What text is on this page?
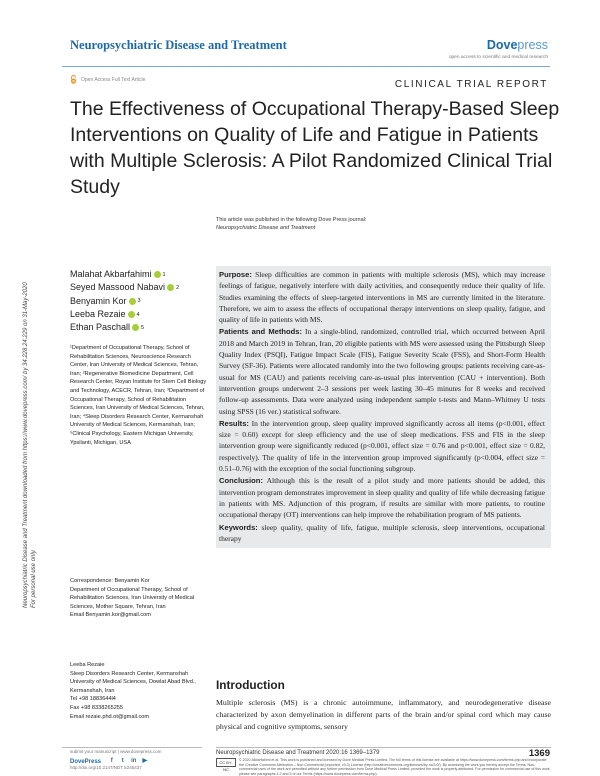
Neuropsychiatric Disease and Treatment	Dovepress
open access to scientific and medical research
Open Access Full Text Article	CLINICAL TRIAL REPORT
The Effectiveness of Occupational Therapy-Based Sleep Interventions on Quality of Life and Fatigue in Patients with Multiple Sclerosis: A Pilot Randomized Clinical Trial Study
This article was published in the following Dove Press journal:
Neuropsychiatric Disease and Treatment
Neuropsychiatric Disease and Treatment downloaded from https://www.dovepress.com/ by 34.228.24.229 on 31-May-2020 For personal use only.
Malahat Akbarfahimi 1
Seyed Massood Nabavi 2
Benyamin Kor 3
Leeba Rezaie 4
Ethan Paschall 5
¹Department of Occupational Therapy, School of Rehabilitation Sciences, Neuroscience Research Center, Iran University of Medical Sciences, Tehran, Iran; ²Regenerative Biomedicine Department, Cell Research Center, Royan Institute for Stem Cell Biology and Technology, ACECR, Tehran, Iran; ³Department of Occupational Therapy, School of Rehabilitation Sciences, Iran University of Medical Sciences, Tehran, Iran; ⁴Sleep Disorders Research Center, Kermanshah University of Medical Sciences, Kermanshah, Iran; ⁵Clinical Psychology, Eastern Michigan University, Ypsilanti, Michigan, USA
Correspondence: Benyamin Kor
Department of Occupational Therapy, School of Rehabilitation Sciences, Iran University of Medical Sciences, Mother Square, Tehran, Iran
Email Benyamin.kor@gmail.com
Leeba Rezaie
Sleep Disorders Research Center, Kermanshah University of Medical Sciences, Dowlat Abad Blvd., Kermanshah, Iran
Tel +98 1883644l4
Fax +98 8338265255
Email rezaie.phd.ot@gmail.com

Purpose: Sleep difficulties are common in patients with multiple sclerosis (MS), which may increase feelings of fatigue, negatively interfere with daily activities, and consequently reduce their quality of life. Studies examining the effects of sleep-targeted interventions in MS are currently limited in the literature. Therefore, we aim to assess the effects of occupational therapy interventions on sleep quality, fatigue, and quality of life in patients with MS.

Patients and Methods: In a single-blind, randomized, controlled trial, which occurred between April 2018 and March 2019 in Tehran, Iran, 20 eligible patients with MS were assessed using the Pittsburgh Sleep Quality Index (PSQI), Fatigue Impact Scale (FIS), Fatigue Severity Scale (FSS), and Short-Form Health Survey (SF-36). Patients were allocated randomly into the two following groups: patients receiving care-as-usual for MS (CAU) and patients receiving care-as-usual plus intervention (CAU + intervention). Both intervention groups underwent 2–3 sessions per week lasting 30–45 minutes for 8 weeks and received follow-up assessments. Data were analyzed using independent sample t-tests and Mann–Whitney U tests using SPSS (16 ver.) statistical software.

Results: In the intervention group, sleep quality improved significantly across all items (p<0.001, effect size = 0.60) except for sleep efficiency and the use of sleep medications. FSS and FIS in the sleep intervention group were significantly reduced (p<0.001, effect size = 0.76 and p<0.001, effect size = 0.82, respectively). The quality of life in the intervention group improved significantly (p<0.004, effect size = 0.51–0.76) with the exception of the social functioning subgroup.

Conclusion: Although this is the result of a pilot study and more patients should be added, this intervention program demonstrates improvement in sleep quality and quality of life while decreasing fatigue in patients with MS. Adjunction of this program, if results are similar with more patients, to routine occupational therapy (OT) interventions can help improve the rehabilitation program of MS patients.

Keywords: sleep quality, quality of life, fatigue, multiple sclerosis, sleep interventions, occupational therapy

Introduction
Multiple sclerosis (MS) is a chronic autoimmune, inflammatory, and neurodegenerative disease characterized by axon demyelination in different parts of the brain and/or spinal cord which may cause physical and cognitive symptoms, sensory
submit your manuscript | www.dovepress.com
DovePress	f	t	in ▶
http://doi.org/10.2147/NDT.S245437
Neuropsychiatric Disease and Treatment 2020:16 1369–1379	1369
CC BY-NC
© 2020 Akbarfahimi et al. This work is published and licensed by Dove Medical Press Limited. The full terms of this license are available at https://www.dovepress.com/terms.php and incorporate the Creative Commons Attribution – Non Commercial (unported, v3.0) License (http://creativecommons.org/licenses/by-nc/3.0/). By accessing the work you hereby accept the Terms. Non-commercial uses of the work are permitted without any further permission from Dove Medical Press Limited, provided the work is properly attributed. For permission for commercial use of this work, please see paragraphs 4.2 and 5 of our Terms (https://www.dovepress.com/terms.php).
